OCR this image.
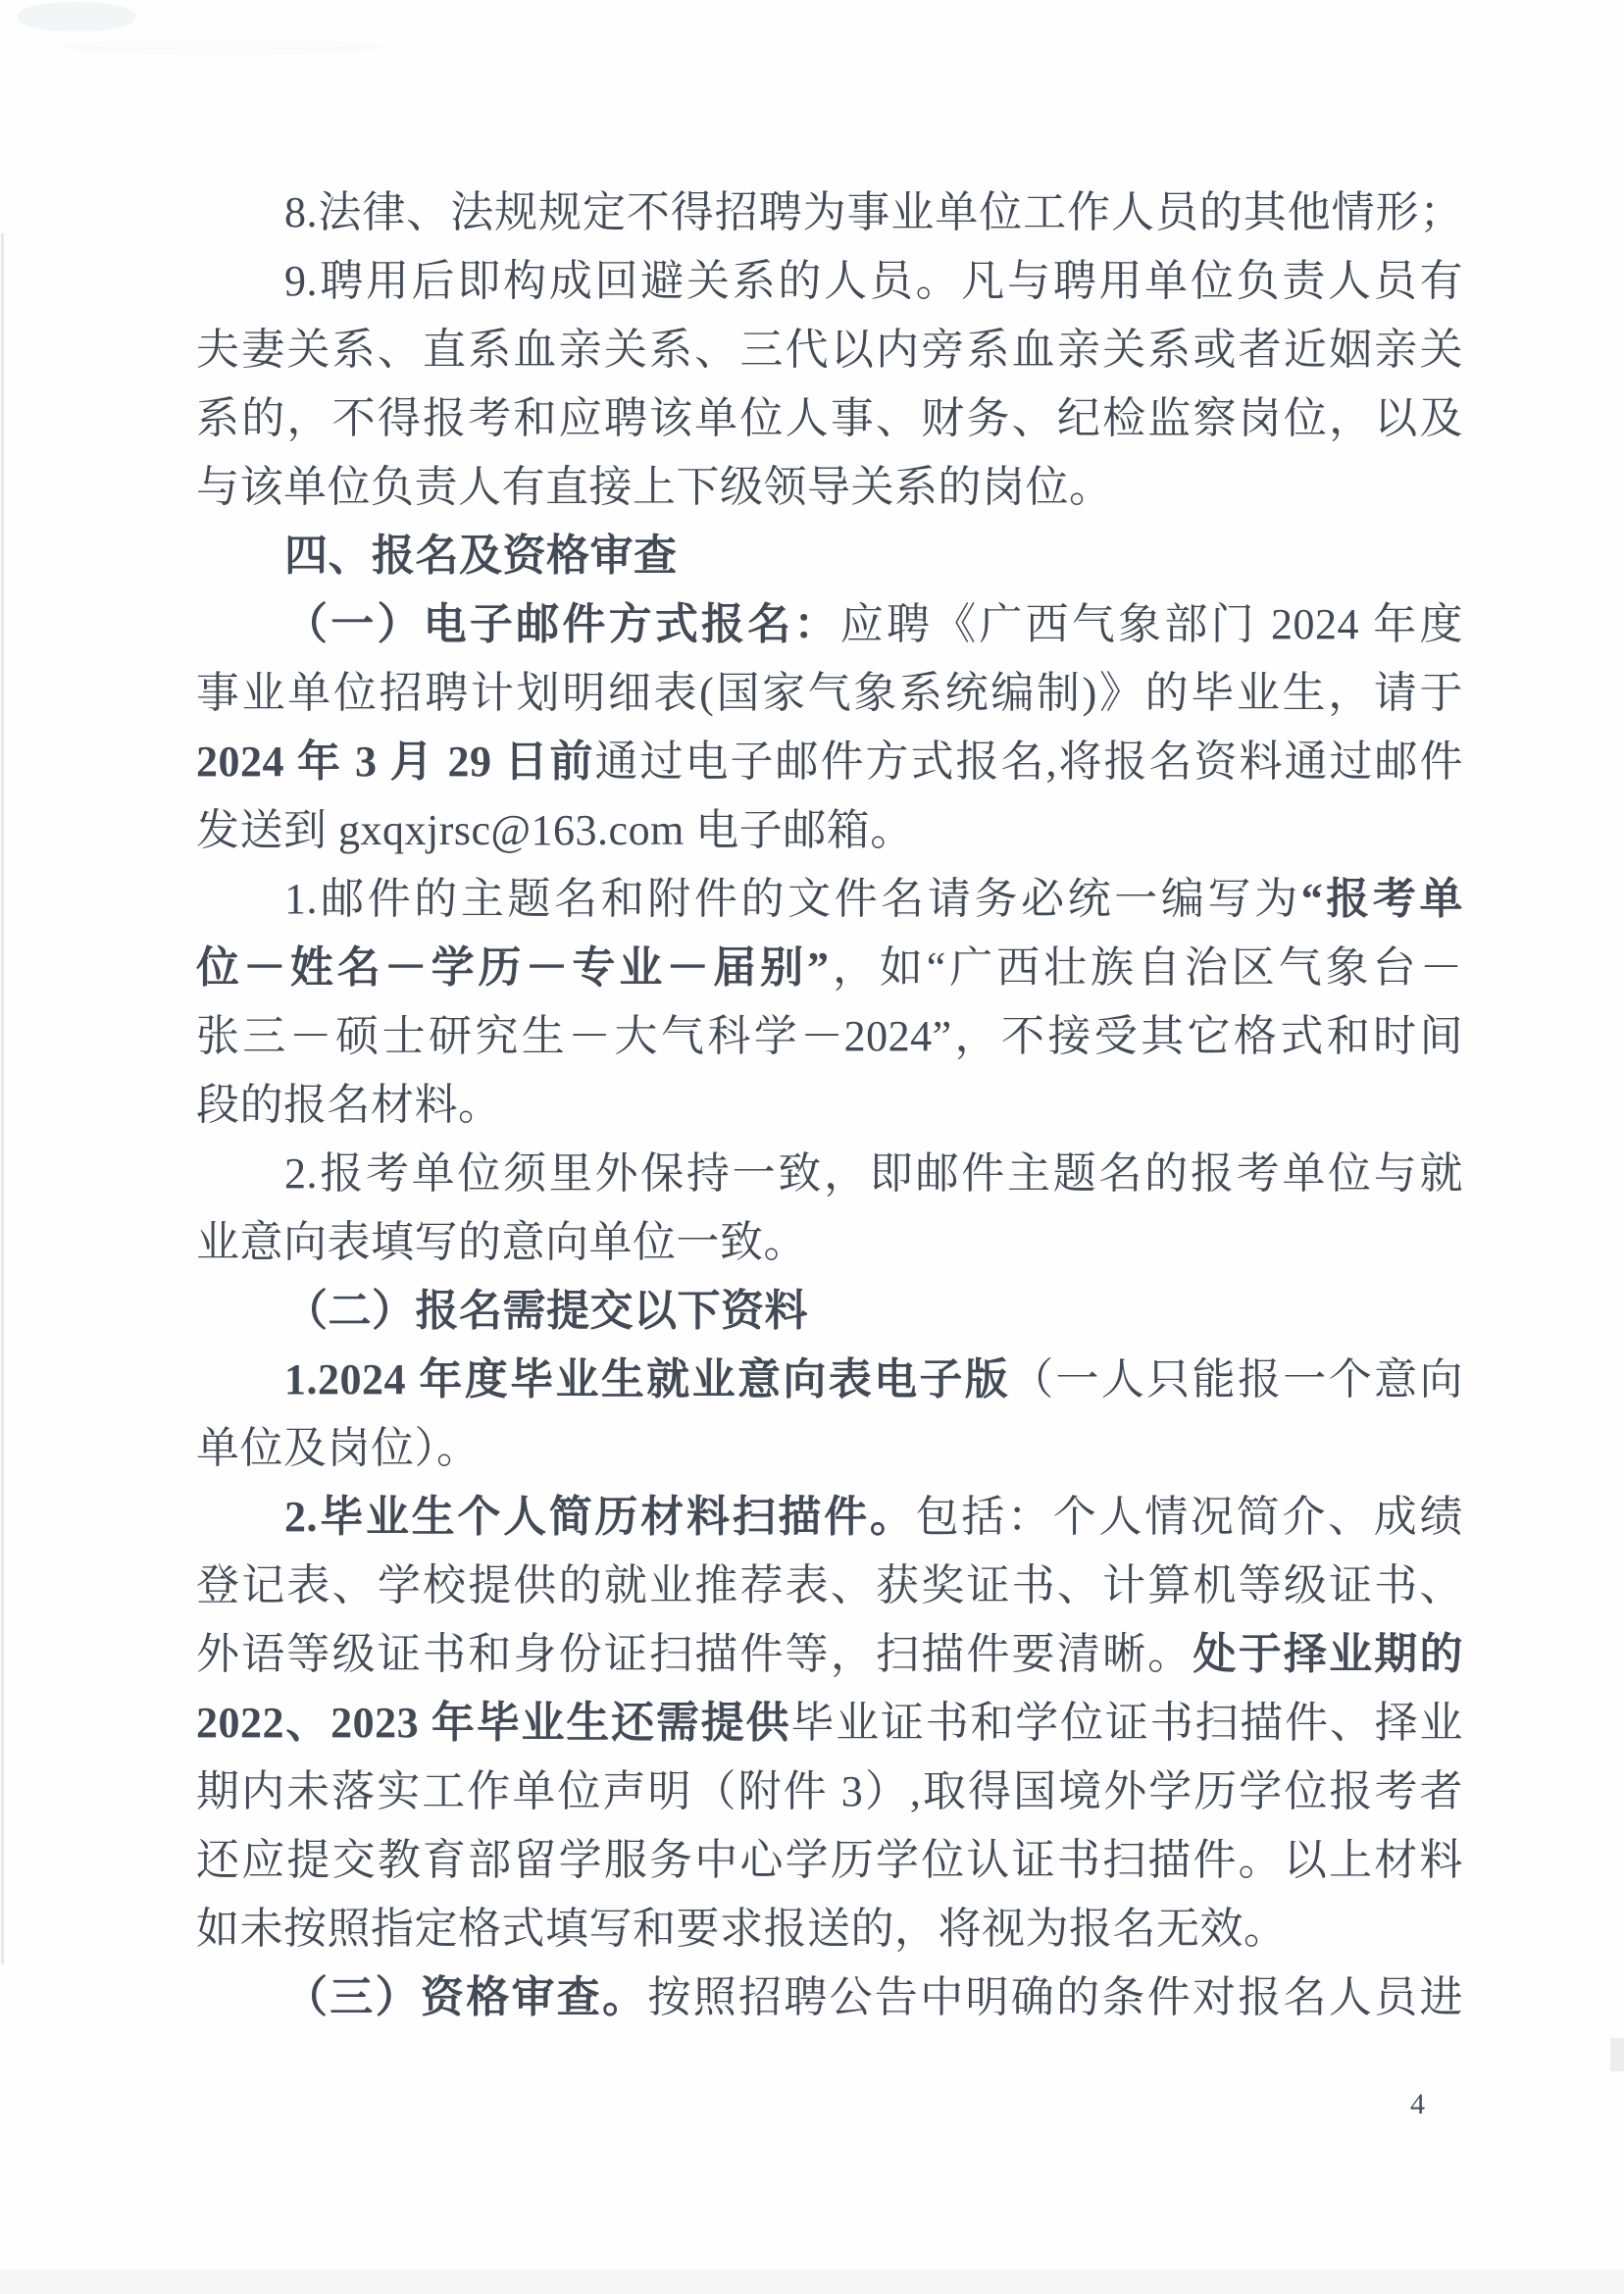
8.法律、法规规定不得招聘为事业单位工作人员的其他情形；
9.聘用后即构成回避关系的人员。凡与聘用单位负责人员有
夫妻关系、直系血亲关系、三代以内旁系血亲关系或者近姻亲关
系的，不得报考和应聘该单位人事、财务、纪检监察岗位，以及
与该单位负责人有直接上下级领导关系的岗位。
四、报名及资格审查
（一）电子邮件方式报名：应聘《广西气象部门 2024 年度
事业单位招聘计划明细表(国家气象系统编制)》的毕业生，请于
2024 年 3 月 29 日前通过电子邮件方式报名,将报名资料通过邮件
发送到 gxqxjrsc@163.com 电子邮箱。
1.邮件的主题名和附件的文件名请务必统一编写为“报考单
位－姓名－学历－专业－届别”，如“广西壮族自治区气象台－
张三－硕士研究生－大气科学－2024”，不接受其它格式和时间
段的报名材料。
2.报考单位须里外保持一致，即邮件主题名的报考单位与就
业意向表填写的意向单位一致。
（二）报名需提交以下资料
1.2024 年度毕业生就业意向表电子版（一人只能报一个意向
单位及岗位）。
2.毕业生个人简历材料扫描件。包括：个人情况简介、成绩
登记表、学校提供的就业推荐表、获奖证书、计算机等级证书、
外语等级证书和身份证扫描件等，扫描件要清晰。处于择业期的
2022、2023 年毕业生还需提供毕业证书和学位证书扫描件、择业
期内未落实工作单位声明（附件 3）,取得国境外学历学位报考者
还应提交教育部留学服务中心学历学位认证书扫描件。以上材料
如未按照指定格式填写和要求报送的，将视为报名无效。
（三）资格审查。按照招聘公告中明确的条件对报名人员进
4
